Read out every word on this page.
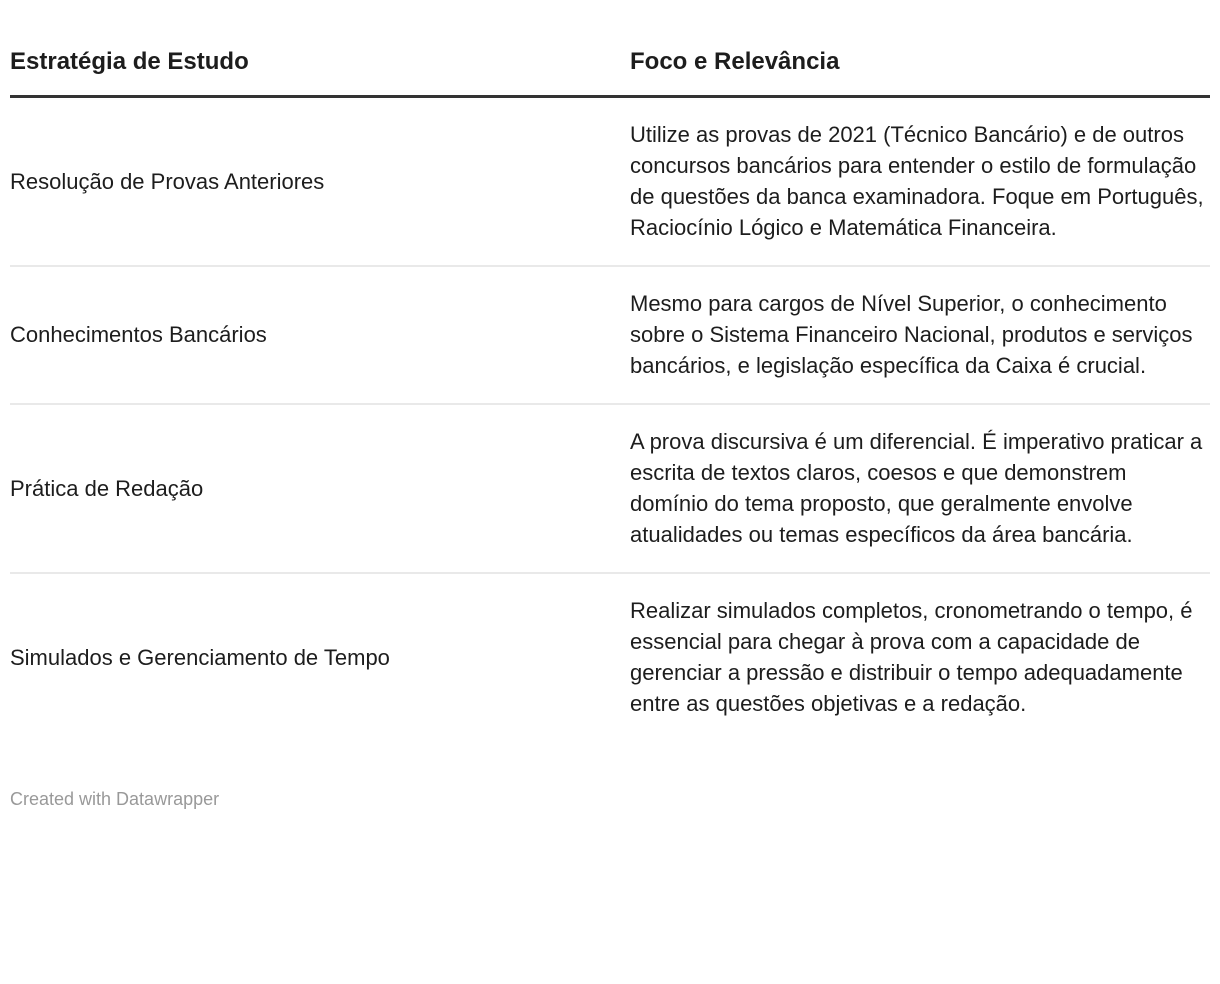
Estratégia de Estudo	Foco e Relevância
Resolução de Provas Anteriores	Utilize as provas de 2021 (Técnico Bancário) e de outros concursos bancários para entender o estilo de formulação de questões da banca examinadora. Foque em Português, Raciocínio Lógico e Matemática Financeira.
Conhecimentos Bancários	Mesmo para cargos de Nível Superior, o conhecimento sobre o Sistema Financeiro Nacional, produtos e serviços bancários, e legislação específica da Caixa é crucial.
Prática de Redação	A prova discursiva é um diferencial. É imperativo praticar a escrita de textos claros, coesos e que demonstrem domínio do tema proposto, que geralmente envolve atualidades ou temas específicos da área bancária.
Simulados e Gerenciamento de Tempo	Realizar simulados completos, cronometrando o tempo, é essencial para chegar à prova com a capacidade de gerenciar a pressão e distribuir o tempo adequadamente entre as questões objetivas e a redação.
Created with Datawrapper
